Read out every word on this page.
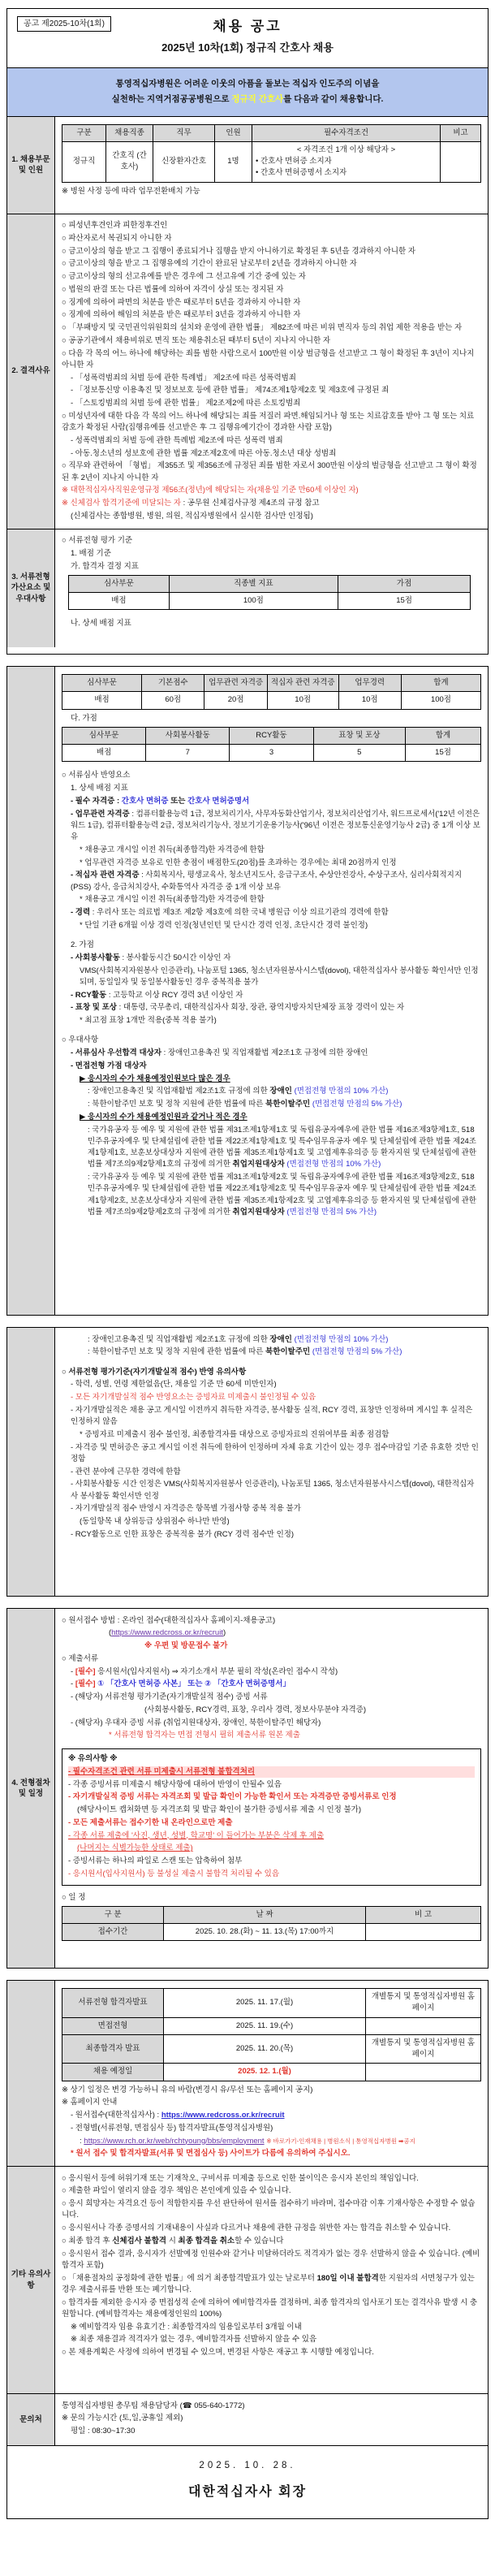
공고 제2025-10차(1회)	채용 공고
2025년 10차(1회) 정규직 간호사 채용
통영적십자병원은 어려운 이웃의 아픔을 돌보는 적십자 인도주의 이념을
실천하는 지역거점공공병원으로 정규직 간호사를 다음과 같이 채용합니다.
1. 채용부문 및 인원
구분	채용직종	직무	인원	필수자격조건	비고
정규직	간호직 (간호사)	신장환자간호	1명	< 자격조건 1개 이상 해당자 >
• 간호사 면허증 소지자
• 간호사 면허증명서 소지자	

※ 병원 사정 등에 따라 업무전환배치 가능
2. 결격사유
○ 피성년후견인과 피한정후견인
○ 파산자로서 복권되지 아니한 자
○ 금고이상의 형을 받고 그 집행이 종료되거나 집행을 받지 아니하기로 확정된 후 5년을 경과하지 아니한 자
○ 금고이상의 형을 받고 그 집행유예의 기간이 완료된 날로부터 2년을 경과하지 아니한 자
○ 금고이상의 형의 선고유예를 받은 경우에 그 선고유예 기간 중에 있는 자
○ 법원의 판결 또는 다른 법률에 의하여 자격이 상실 또는 정지된 자
○ 징계에 의하여 파면의 처분을 받은 때로부터 5년을 경과하지 아니한 자
○ 징계에 의하여 해임의 처분을 받은 때로부터 3년을 경과하지 아니한 자
○ 「부패방지 및 국민권익위원회의 설치와 운영에 관한 법률」 제82조에 따른 비위 면직자 등의 취업 제한 적용을 받는 자
○ 공공기관에서 채용비위로 면직 또는 채용취소된 때부터 5년이 지나지 아니한 자
○ 다음 각 목의 어느 하나에 해당하는 죄를 범한 사람으로서 100만원 이상 벌금형을 선고받고 그 형이 확정된 후 3년이 지나지 아니한 자
- 「성폭력범죄의 처벌 등에 관한 특례법」 제2조에 따른 성폭력범죄
- 「정보통신망 이용촉진 및 정보보호 등에 관한 법률」 제74조제1항제2호 및 제3호에 규정된 죄
- 「스토킹범죄의 처벌 등에 관한 법률」 제2조제2에 따른 소토킹범죄
○ 미성년자에 대한 다음 각 목의 어느 하나에 해당되는 죄를 저질러 파면.해임되거나 형 또는 치료감호를 받아 그 형 또는 치료감호가 확정된 사람(집행유예를 선고받은 후 그 집행유예기간이 경과한 사람 포함)
- 성폭력범죄의 처벌 등에 관한 특례법 제2조에 따른 성폭력 범죄
- 아동.청소년의 성보호에 관한 법률 제2조제2호에 따른 아동.청소년 대상 성범죄
○ 직무와 관련하여 「형법」 제355조 및 제356조에 규정된 죄를 범한 자로서 300만원 이상의 벌금형을 선고받고 그 형이 확정된 후 2년이 지나지 아니한 자
※ 대한적십자사직원운영규정 제56조(정년)에 해당되는 자(채용일 기준 만60세 이상인 자)
※ 신체검사 합격기준에 미달되는 자 : 공무원 신체검사규정 제4조의 규정 참고
(신체검사는 종합병원, 병원, 의원, 적십자병원에서 실시한 검사만 인정됨)
3. 서류전형 가산요소 및 우대사항
○ 서류전형 평가 기준
1. 배점 기준
가. 합격자 결정 지표
심사부문	직종별 지표	가점
배점	100점	15점
나. 상세 배점 지표
심사부문	기본점수	업무관련 자격증	적십자 관련 자격증	업무경력	합계
배점	60점	20점	10점	10점	100점
다. 가점
심사부문	사회봉사활동	RCY활동	표창 및 포상	합계
배점	7	3	5	15점
○ 서류심사 반영요소
1. 상세 배점 지표
- 필수 자격증 : 간호사 면허증 또는 간호사 면허증명서
- 업무관련 자격증 : 컴퓨터활용능력 1급, 정보처리기사, 사무자동화산업기사, 정보처리산업기사, 워드프로세서('12년 이전은 워드 1급), 컴퓨터활용능력 2급, 정보처리기능사, 정보기기운용기능사('96년 이전은 정보통신운영기능사 2급) 중 1개 이상 보유
* 채용공고 개시일 이전 취득(최종합격)한 자격증에 한함
* 업무관련 자격증 보유로 인한 총점이 배점한도(20점)를 초과하는 경우에는 최대 20점까지 인정
- 적십자 관련 자격증 : 사회복지사, 평생교육사, 청소년지도사, 응급구조사, 수상안전강사, 수상구조사, 심리사회적지지(PSS) 강사, 응급처치강사, 수화통역사 자격증 중 1개 이상 보유
* 채용공고 개시일 이전 취득(최종합격)한 자격증에 한함
- 경력 : 우리사 또는 의료법 제3조 제2항 제3호에 의한 국내 병원급 이상 의료기관의 경력에 한함
* 단일 기관 6개월 이상 경력 인정(청년인턴 및 단시간 경력 인정, 초단시간 경력 불인정)
2. 가점
- 사회봉사활동 : 봉사활동시간 50시간 이상인 자
VMS(사회복지자원봉사 인증관리), 나눔포털 1365, 청소년자원봉사시스템(dovol), 대한적십자사 봉사활동 확인서만 인정되며, 동일일자 및 동일봉사활동인 경우 중복적용 불가
- RCY활동 : 고등학교 이상 RCY 경력 3년 이상인 자
- 표창 및 포상 : 대통령, 국무총리, 대한적십자사 회장, 장관, 광역지방자치단체장 표창 경력이 있는 자
* 최고점 표창 1개만 적용(중복 적용 불가)
○ 우대사항
- 서류심사 우선합격 대상자 : 장애인고용촉진 및 직업재활법 제2조1호 규정에 의한 장애인
- 면접전형 가점 대상자
▶ 응시자의 수가 채용예정인원보다 많은 경우
: 장애인고용촉진 및 직업재활법 제2조1호 규정에 의한 장애인 (면접전형 만점의 10% 가산)
: 북한이탈주민 보호 및 정착 지원에 관한 법률에 따른 북한이탈주민 (면접전형 만점의 5% 가산)
▶ 응시자의 수가 채용예정인원과 같거나 적은 경우
: 국가유공자 등 예우 및 지원에 관한 법률 제31조제1항제1호 및 독립유공자예우에 관한 법률 제16조제3항제1호, 518민주유공자예우 및 단체설립에 관한 법률 제22조제1항제1호 및 특수임무유공자 예우 및 단체설립에 관한 법률 제24조제1항제1호, 보훈보상대상자 지원에 관한 법률 제35조제1항제1호 및 고엽제후유의증 등 환자지원 및 단체설립에 관한 법률 제7조의9제2항제1호의 규정에 의거한 취업지원대상자 (면접전형 만점의 10% 가산)
: 국가유공자 등 예우 및 지원에 관한 법률 제31조제1항제2호 및 독립유공자예우에 관한 법률 제16조제3항제2호, 518민주유공자예우 및 단체설립에 관한 법률 제22조제1항제2호 및 특수임무유공자 예우 및 단체설립에 관한 법률 제24조제1항제2호, 보훈보상대상자 지원에 관한 법률 제35조제1항제2호 및 고엽제후유의증 등 환자지원 및 단체설립에 관한 법률 제7조의9제2항제2호의 규정에 의거한 취업지원대상자 (면접전형 만점의 5% 가산)
: 장애인고용촉진 및 직업재활법 제2조1호 규정에 의한 장애인 (면접전형 만점의 10% 가산)
: 북한이탈주민 보호 및 정착 지원에 관한 법률에 따른 북한이탈주민 (면접전형 만점의 5% 가산)
○ 서류전형 평가기준(자기개발실적 점수) 반영 유의사항
- 학력, 성별, 연령 제한없음(단, 채용일 기준 만 60세 미만인자)
- 모든 자기개발실적 점수 반영요소는 증빙자료 미제출시 불인정될 수 있음
- 자기개발실적은 채용 공고 게시일 이전까지 취득한 자격증, 봉사활동 실적, RCY 경력, 표창만 인정하며 게시일 후 실적은 인정하지 않음
* 증빙자료 미제출시 점수 불인정, 최종합격자를 대상으로 증빙자료의 진위여부를 최종 점검함
- 자격증 및 면허증은 공고 게시일 이전 취득에 한하여 인정하며 자체 유효 기간이 있는 경우 접수마감일 기준 유효한 것만 인정함
- 관련 분야에 근무한 경력에 한함
- 사회봉사활동 시간 인정은 VMS(사회복지자원봉사 인증관리), 나눔포털 1365, 청소년자원봉사시스템(dovol), 대한적십자사 봉사활동 확인서만 인정
- 자기개발실적 점수 반영시 자격증은 항목별 가점사항 중복 적용 불가
(동일항목 내 상위등급 상위점수 하나만 반영)
- RCY활동으로 인한 표창은 중복적용 불가 (RCY 경력 점수만 인정)
4. 전형절차 및 일정
○ 원서접수 방법 : 온라인 접수(대한적십자사 홈페이지-채용공고)
(https://www.redcross.or.kr/recruit)
※ 우편 및 방문접수 불가
○ 제출서류
- [필수] 응시원서(입사지원서) ⇒ 자기소개서 부분 필히 작성(온라인 접수시 작성)
- [필수] ① 「간호사 면허증 사본」 또는 ② 「간호사 면허증명서」
- (해당자) 서류전형 평가기준(자기개발실적 점수) 증빙 서류
(사회봉사활동, RCY경력, 표창, 우리사 경력, 정보사무분야 자격증)
- (해당자) 우대자 증빙 서류 (취업지원대상자, 장애인, 북한이탈주민 해당자)
* 서류전형 합격자는 면접 전형시 필히 제출서류 원본 제출
※ 유의사항 ※
- 필수자격조건 관련 서류 미제출시 서류전형 불합격처리
- 각종 증빙서류 미제출시 해당사항에 대하여 반영이 안될수 있음
- 자기개발실적 증빙 서류는 자격조회 및 발급 확인이 가능한 확인서 또는 자격증만 증빙서류로 인정
(해당사이트 캡처화면 등 자격조회 및 발급 확인이 불가한 증빙서류 제출 시 인정 불가)
- 모든 제출서류는 접수기한 내 온라인으로만 제출
- 각종 서류 제출에 '사진, 생년, 성별, 학교명' 이 들어가는 부분은 삭제 후 제출
(나머지는 식별가능한 상태로 제출)
- 증빙서류는 하나의 파일로 스캔 또는 압축하여 첨부
- 응시원서(입사지원서) 등 불성실 제출시 불합격 처리될 수 있음
○ 일 정
구 분	날 짜	비 고
접수기간	2025. 10. 28.(화) ~ 11. 13.(목) 17:00까지	
서류전형 합격자발표	2025. 11. 17.(월)	개별통지 및 통영적십자병원 홈페이지
면접전형	2025. 11. 19.(수)	
최종합격자 발표	2025. 11. 20.(목)	개별통지 및 통영적십자병원 홈페이지
채용 예정일	2025. 12. 1.(월)	
※ 상기 일정은 변경 가능하니 유의 바람(변경시 유/무선 또는 홈페이지 공지)
※ 홈페이지 안내
- 원서접수(대한적십자사) : https://www.redcross.or.kr/recruit
- 전형별(서류전형, 면접심사 등) 합격자발표(통영적십자병원)
: https://www.rch.or.kr/web/rchtyoung/bbs/employment ※ 바로가기-인재채용 | 병원소식 | 통영적십자병원 ➡공지
* 원서 접수 및 합격자발표(서류 및 면접심사 등) 사이트가 다름에 유의하여 주십시오.
기타 유의사항
○ 응시원서 등에 허위기재 또는 기재착오, 구비서류 미제출 등으로 인한 불이익은 응시자 본인의 책임입니다.
○ 제출한 파일이 열리지 않을 경우 책임은 본인에게 있을 수 있습니다.
○ 응시 희망자는 자격요건 등이 적합한지를 우선 판단하여 원서를 접수하기 바라며, 접수마감 이후 기재사항은 수정할 수 없습니다.
○ 응시원서나 각종 증명서의 기재내용이 사실과 다르거나 채용에 관한 규정을 위반한 자는 합격을 취소할 수 있습니다.
○ 최종 합격 후 신체검사 불합격 시 최종 합격을 취소할 수 있습니다
○ 응시원서 접수 결과, 응시자가 선발예정 인원수와 같거나 미달하더라도 적격자가 없는 경우 선발하지 않을 수 있습니다. (예비합격자 포함)
○ 「채용절차의 공정화에 관한 법률」에 의거 최종합격발표가 있는 날로부터 180일 이내 불합격한 지원자의 서면청구가 있는 경우 제출서류를 반환 또는 폐기합니다.
○ 합격자를 제외한 응시자 중 면접성적 순에 의하여 예비합격자를 결정하며, 최종 합격자의 입사포기 또는 결격사유 발생 시 충원합니다. (예비합격자는 채용예정인원의 100%)
※ 예비합격자 임용 유효기간 : 최종합격자의 임용일로부터 3개월 이내
※ 최종 채용결과 적격자가 없는 경우, 예비합격자를 선발하지 않을 수 있음
○ 본 채용계획은 사정에 의하여 변경될 수 있으며, 변경된 사항은 재공고 후 시행할 예정입니다.
문의처
통영적십자병원 총무팀 채용담당자 (☎ 055-640-1772)
※ 문의 가능시간 (토,일,공휴일 제외)
평일 : 08:30~17:30
2025. 10. 28.
대한적십자사 회장
